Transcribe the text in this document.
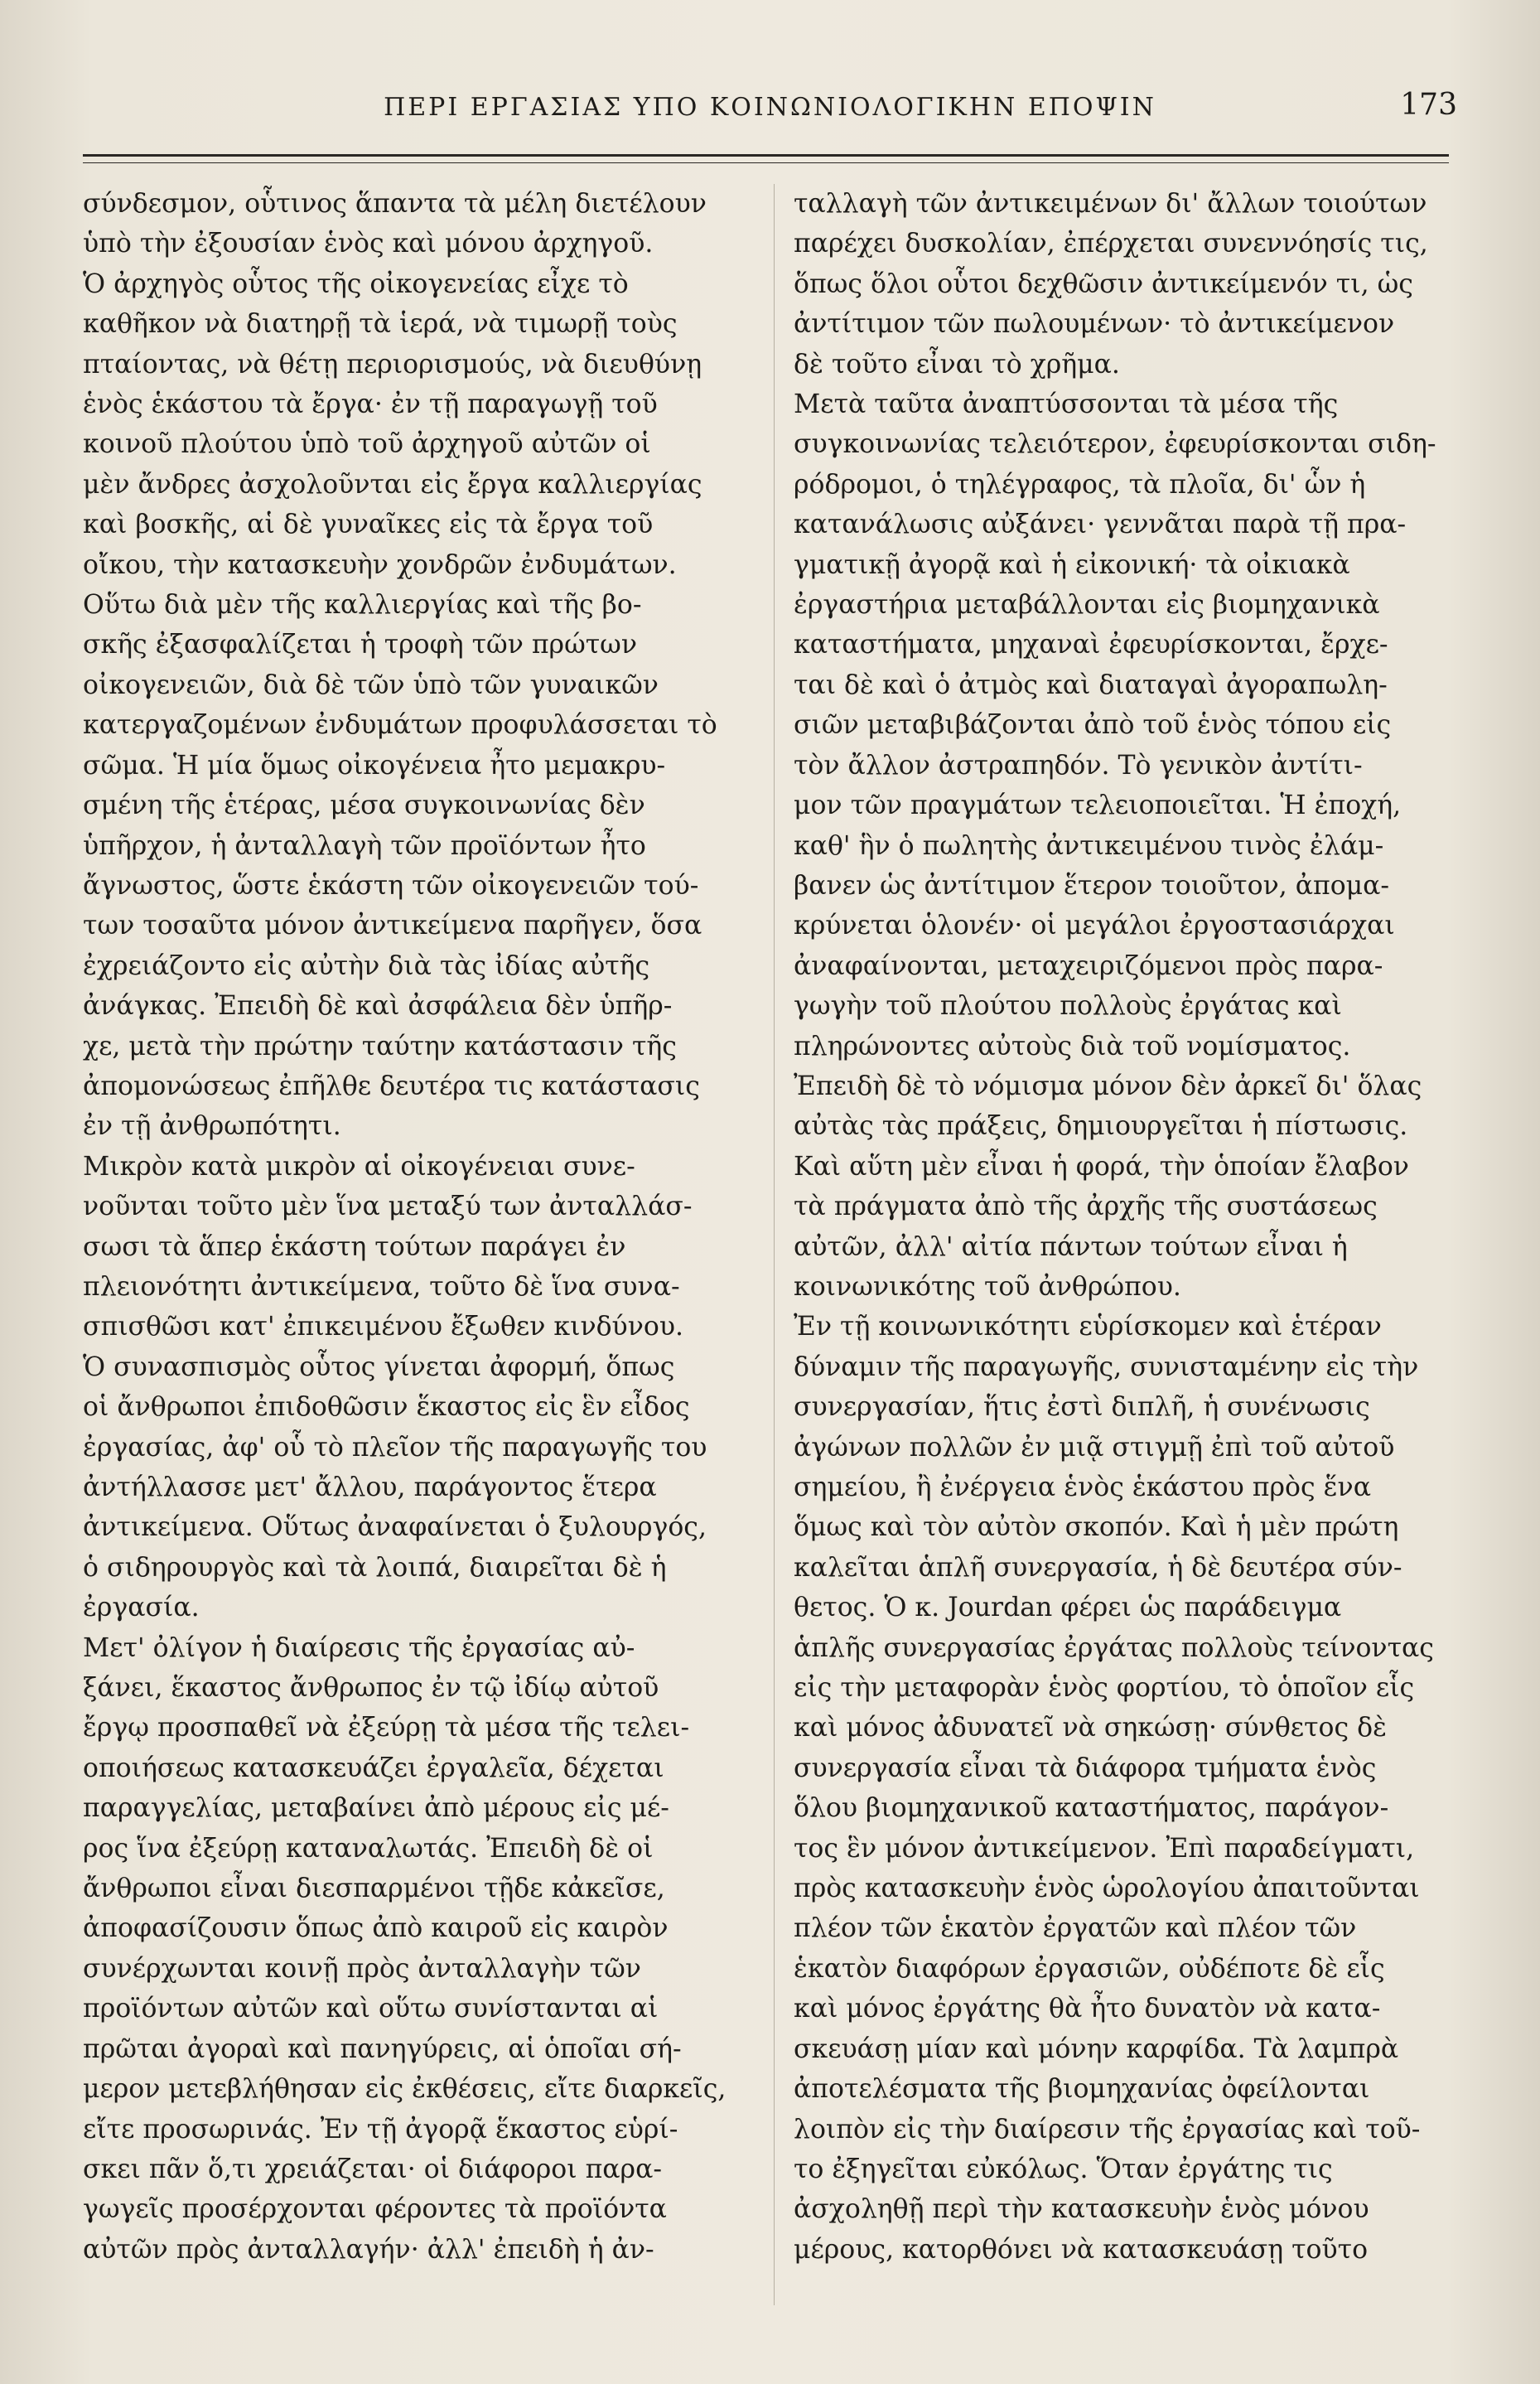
ΠΕΡΙ ΕΡΓΑΣΙΑΣ ΥΠΟ ΚΟΙΝΩΝΙΟΛΟΓΙΚΗΝ ΕΠΟΨΙΝ	173
σύνδεσμον, οὗτινος ἅπαντα τὰ μέλη διετέλουν
ὑπὸ τὴν ἐξουσίαν ἑνὸς καὶ μόνου ἀρχηγοῦ.
Ὁ ἀρχηγὸς οὗτος τῆς οἰκογενείας εἶχε τὸ
καθῆκον νὰ διατηρῇ τὰ ἱερά, νὰ τιμωρῇ τοὺς
πταίοντας, νὰ θέτῃ περιορισμούς, νὰ διευθύνῃ
ἑνὸς ἑκάστου τὰ ἔργα· ἐν τῇ παραγωγῇ τοῦ
κοινοῦ πλούτου ὑπὸ τοῦ ἀρχηγοῦ αὐτῶν οἱ
μὲν ἄνδρες ἀσχολοῦνται εἰς ἔργα καλλιεργίας
καὶ βοσκῆς, αἱ δὲ γυναῖκες εἰς τὰ ἔργα τοῦ
οἴκου, τὴν κατασκευὴν χονδρῶν ἐνδυμάτων.
Οὕτω διὰ μὲν τῆς καλλιεργίας καὶ τῆς βο-
σκῆς ἐξασφαλίζεται ἡ τροφὴ τῶν πρώτων
οἰκογενειῶν, διὰ δὲ τῶν ὑπὸ τῶν γυναικῶν
κατεργαζομένων ἐνδυμάτων προφυλάσσεται τὸ
σῶμα. Ἡ μία ὅμως οἰκογένεια ἦτο μεμακρυ-
σμένη τῆς ἑτέρας, μέσα συγκοινωνίας δὲν
ὑπῆρχον, ἡ ἀνταλλαγὴ τῶν προϊόντων ἦτο
ἄγνωστος, ὥστε ἑκάστη τῶν οἰκογενειῶν τού-
των τοσαῦτα μόνον ἀντικείμενα παρῆγεν, ὅσα
ἐχρειάζοντο εἰς αὐτὴν διὰ τὰς ἰδίας αὐτῆς
ἀνάγκας. Ἐπειδὴ δὲ καὶ ἀσφάλεια δὲν ὑπῆρ-
χε, μετὰ τὴν πρώτην ταύτην κατάστασιν τῆς
ἀπομονώσεως ἐπῆλθε δευτέρα τις κατάστασις
ἐν τῇ ἀνθρωπότητι.
Μικρὸν κατὰ μικρὸν αἱ οἰκογένειαι συνε-
νοῦνται τοῦτο μὲν ἵνα μεταξύ των ἀνταλλάσ-
σωσι τὰ ἅπερ ἑκάστη τούτων παράγει ἐν
πλειονότητι ἀντικείμενα, τοῦτο δὲ ἵνα συνα-
σπισθῶσι κατ' ἐπικειμένου ἔξωθεν κινδύνου.
Ὁ συνασπισμὸς οὗτος γίνεται ἀφορμή, ὅπως
οἱ ἄνθρωποι ἐπιδοθῶσιν ἕκαστος εἰς ἓν εἶδος
ἐργασίας, ἀφ' οὗ τὸ πλεῖον τῆς παραγωγῆς του
ἀντήλλασσε μετ' ἄλλου, παράγοντος ἕτερα
ἀντικείμενα. Οὕτως ἀναφαίνεται ὁ ξυλουργός,
ὁ σιδηρουργὸς καὶ τὰ λοιπά, διαιρεῖται δὲ ἡ
ἐργασία.
Μετ' ὀλίγον ἡ διαίρεσις τῆς ἐργασίας αὐ-
ξάνει, ἕκαστος ἄνθρωπος ἐν τῷ ἰδίῳ αὐτοῦ
ἔργῳ προσπαθεῖ νὰ ἐξεύρῃ τὰ μέσα τῆς τελει-
οποιήσεως κατασκευάζει ἐργαλεῖα, δέχεται
παραγγελίας, μεταβαίνει ἀπὸ μέρους εἰς μέ-
ρος ἵνα ἐξεύρῃ καταναλωτάς. Ἐπειδὴ δὲ οἱ
ἄνθρωποι εἶναι διεσπαρμένοι τῇδε κἀκεῖσε,
ἀποφασίζουσιν ὅπως ἀπὸ καιροῦ εἰς καιρὸν
συνέρχωνται κοινῇ πρὸς ἀνταλλαγὴν τῶν
προϊόντων αὐτῶν καὶ οὕτω συνίστανται αἱ
πρῶται ἀγοραὶ καὶ πανηγύρεις, αἱ ὁποῖαι σή-
μερον μετεβλήθησαν εἰς ἐκθέσεις, εἴτε διαρκεῖς,
εἴτε προσωρινάς. Ἐν τῇ ἀγορᾷ ἕκαστος εὑρί-
σκει πᾶν ὅ,τι χρειάζεται· οἱ διάφοροι παρα-
γωγεῖς προσέρχονται φέροντες τὰ προϊόντα
αὐτῶν πρὸς ἀνταλλαγήν· ἀλλ' ἐπειδὴ ἡ ἀν-
ταλλαγὴ τῶν ἀντικειμένων δι' ἄλλων τοιούτων
παρέχει δυσκολίαν, ἐπέρχεται συνεννόησίς τις,
ὅπως ὅλοι οὗτοι δεχθῶσιν ἀντικείμενόν τι, ὡς
ἀντίτιμον τῶν πωλουμένων· τὸ ἀντικείμενον
δὲ τοῦτο εἶναι τὸ χρῆμα.
Μετὰ ταῦτα ἀναπτύσσονται τὰ μέσα τῆς
συγκοινωνίας τελειότερον, ἐφευρίσκονται σιδη-
ρόδρομοι, ὁ τηλέγραφος, τὰ πλοῖα, δι' ὧν ἡ
κατανάλωσις αὐξάνει· γεννᾶται παρὰ τῇ πρα-
γματικῇ ἀγορᾷ καὶ ἡ εἰκονική· τὰ οἰκιακὰ
ἐργαστήρια μεταβάλλονται εἰς βιομηχανικὰ
καταστήματα, μηχαναὶ ἐφευρίσκονται, ἔρχε-
ται δὲ καὶ ὁ ἀτμὸς καὶ διαταγαὶ ἀγοραπωλη-
σιῶν μεταβιβάζονται ἀπὸ τοῦ ἑνὸς τόπου εἰς
τὸν ἄλλον ἀστραπηδόν. Τὸ γενικὸν ἀντίτι-
μον τῶν πραγμάτων τελειοποιεῖται. Ἡ ἐποχή,
καθ' ἣν ὁ πωλητὴς ἀντικειμένου τινὸς ἐλάμ-
βανεν ὡς ἀντίτιμον ἕτερον τοιοῦτον, ἀπομα-
κρύνεται ὁλονέν· οἱ μεγάλοι ἐργοστασιάρχαι
ἀναφαίνονται, μεταχειριζόμενοι πρὸς παρα-
γωγὴν τοῦ πλούτου πολλοὺς ἐργάτας καὶ
πληρώνοντες αὐτοὺς διὰ τοῦ νομίσματος.
Ἐπειδὴ δὲ τὸ νόμισμα μόνον δὲν ἀρκεῖ δι' ὅλας
αὐτὰς τὰς πράξεις, δημιουργεῖται ἡ πίστωσις.
Καὶ αὕτη μὲν εἶναι ἡ φορά, τὴν ὁποίαν ἔλαβον
τὰ πράγματα ἀπὸ τῆς ἀρχῆς τῆς συστάσεως
αὐτῶν, ἀλλ' αἰτία πάντων τούτων εἶναι ἡ
κοινωνικότης τοῦ ἀνθρώπου.
Ἐν τῇ κοινωνικότητι εὑρίσκομεν καὶ ἑτέραν
δύναμιν τῆς παραγωγῆς, συνισταμένην εἰς τὴν
συνεργασίαν, ἥτις ἐστὶ διπλῆ, ἡ συνένωσις
ἀγώνων πολλῶν ἐν μιᾷ στιγμῇ ἐπὶ τοῦ αὐτοῦ
σημείου, ἢ ἐνέργεια ἑνὸς ἑκάστου πρὸς ἕνα
ὅμως καὶ τὸν αὐτὸν σκοπόν. Καὶ ἡ μὲν πρώτη
καλεῖται ἁπλῆ συνεργασία, ἡ δὲ δευτέρα σύν-
θετος. Ὁ κ. Jourdan φέρει ὡς παράδειγμα
ἁπλῆς συνεργασίας ἐργάτας πολλοὺς τείνοντας
εἰς τὴν μεταφορὰν ἑνὸς φορτίου, τὸ ὁποῖον εἷς
καὶ μόνος ἀδυνατεῖ νὰ σηκώσῃ· σύνθετος δὲ
συνεργασία εἶναι τὰ διάφορα τμήματα ἑνὸς
ὅλου βιομηχανικοῦ καταστήματος, παράγον-
τος ἓν μόνον ἀντικείμενον. Ἐπὶ παραδείγματι,
πρὸς κατασκευὴν ἑνὸς ὡρολογίου ἀπαιτοῦνται
πλέον τῶν ἑκατὸν ἐργατῶν καὶ πλέον τῶν
ἑκατὸν διαφόρων ἐργασιῶν, οὐδέποτε δὲ εἷς
καὶ μόνος ἐργάτης θὰ ἦτο δυνατὸν νὰ κατα-
σκευάσῃ μίαν καὶ μόνην καρφίδα. Τὰ λαμπρὰ
ἀποτελέσματα τῆς βιομηχανίας ὀφείλονται
λοιπὸν εἰς τὴν διαίρεσιν τῆς ἐργασίας καὶ τοῦ-
το ἐξηγεῖται εὐκόλως. Ὅταν ἐργάτης τις
ἀσχοληθῇ περὶ τὴν κατασκευὴν ἑνὸς μόνου
μέρους, κατορθόνει νὰ κατασκευάσῃ τοῦτο
